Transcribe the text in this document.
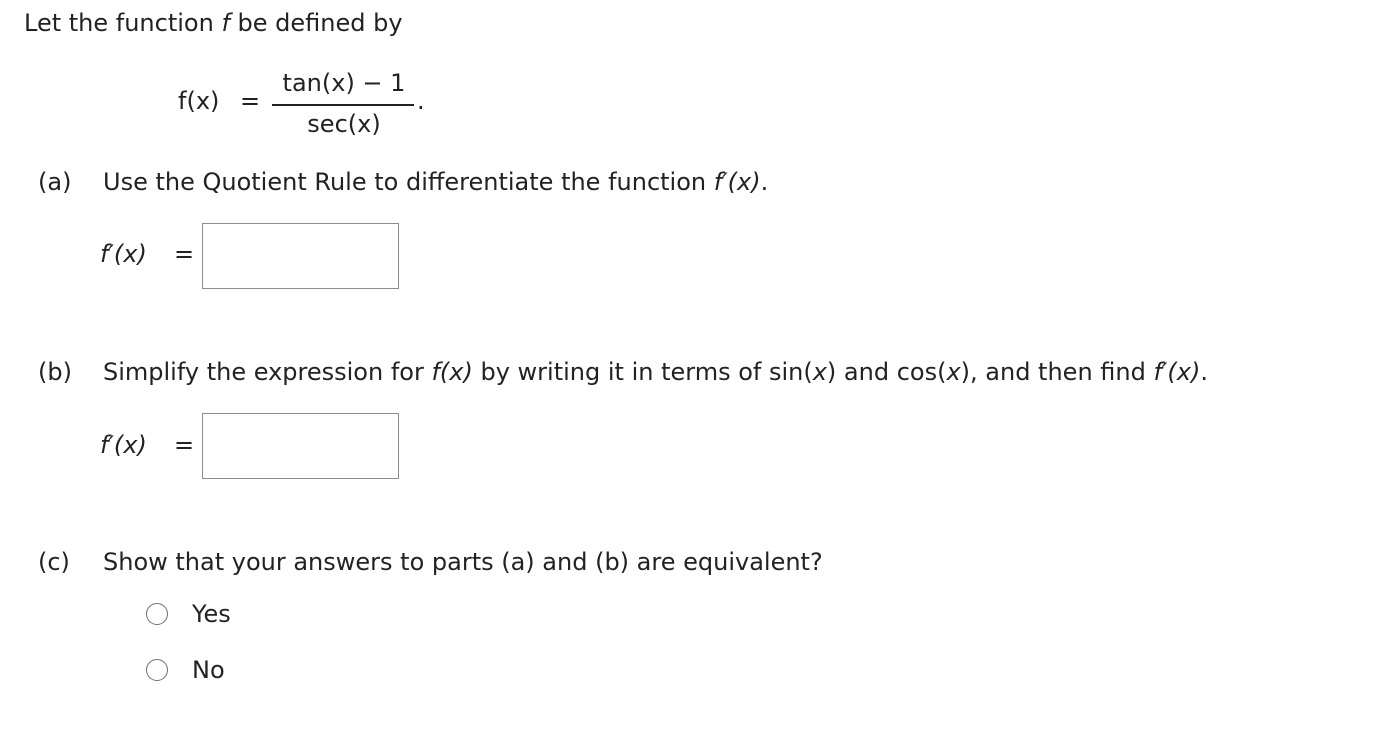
Let the function f be defined by
f(x) =
tan(x) − 1
sec(x)
.
(a) Use the Quotient Rule to differentiate the function f′(x).
f′(x) =
(b) Simplify the expression for f(x) by writing it in terms of sin(x) and cos(x), and then find f′(x).
f′(x) =
(c) Show that your answers to parts (a) and (b) are equivalent?
Yes
No
